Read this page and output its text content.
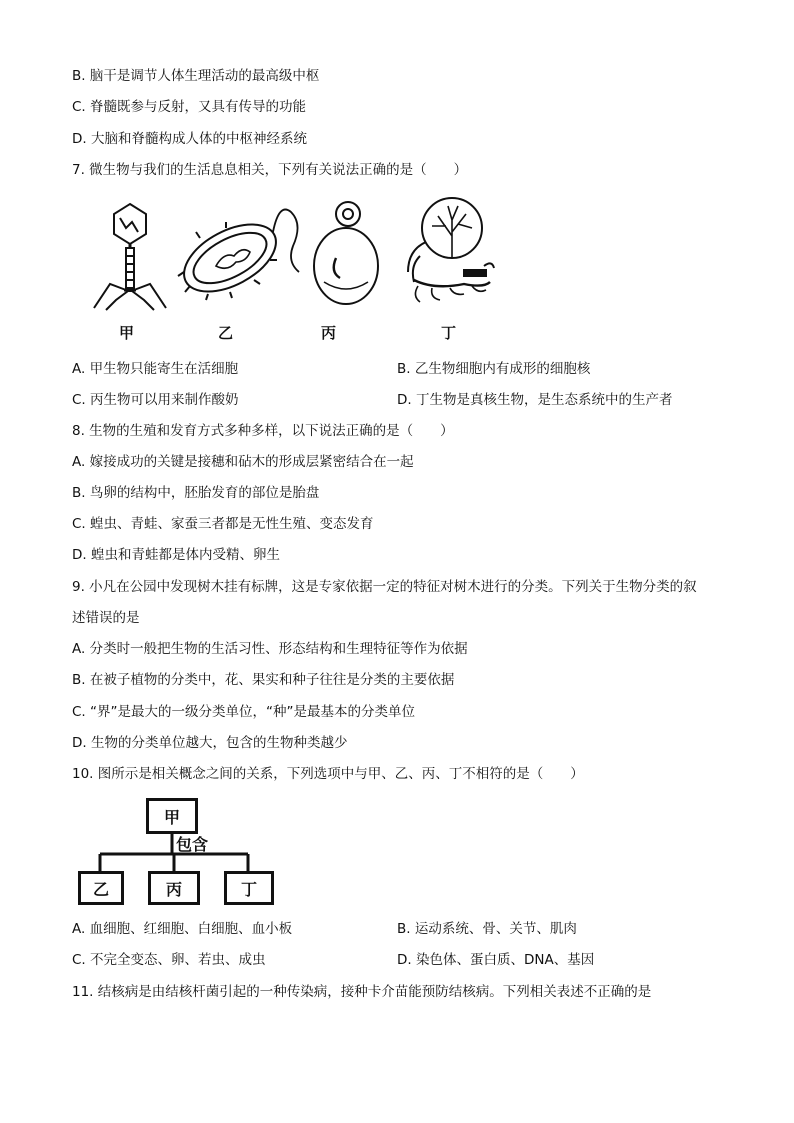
B. 脑干是调节人体生理活动的最高级中枢
C. 脊髓既参与反射，又具有传导的功能
D. 大脑和脊髓构成人体的中枢神经系统
7. 微生物与我们的生活息息相关，下列有关说法正确的是（　　）
甲	乙	丙	丁
A. 甲生物只能寄生在活细胞	B. 乙生物细胞内有成形的细胞核
C. 丙生物可以用来制作酸奶	D. 丁生物是真核生物，是生态系统中的生产者
8. 生物的生殖和发育方式多种多样，以下说法正确的是（　　）
A. 嫁接成功的关键是接穗和砧木的形成层紧密结合在一起
B. 鸟卵的结构中，胚胎发育的部位是胎盘
C. 蝗虫、青蛙、家蚕三者都是无性生殖、变态发育
D. 蝗虫和青蛙都是体内受精、卵生
9. 小凡在公园中发现树木挂有标牌，这是专家依据一定的特征对树木进行的分类。下列关于生物分类的叙
述错误的是
A. 分类时一般把生物的生活习性、形态结构和生理特征等作为依据
B. 在被子植物的分类中，花、果实和种子往往是分类的主要依据
C. “界”是最大的一级分类单位，“种”是最基本的分类单位
D. 生物的分类单位越大，包含的生物种类越少
10. 图所示是相关概念之间的关系，下列选项中与甲、乙、丙、丁不相符的是（　　）
甲
包含
乙	丙	丁
A. 血细胞、红细胞、白细胞、血小板	B. 运动系统、骨、关节、肌肉
C. 不完全变态、卵、若虫、成虫	D. 染色体、蛋白质、DNA、基因
11. 结核病是由结核杆菌引起的一种传染病，接种卡介苗能预防结核病。下列相关表述不正确的是
